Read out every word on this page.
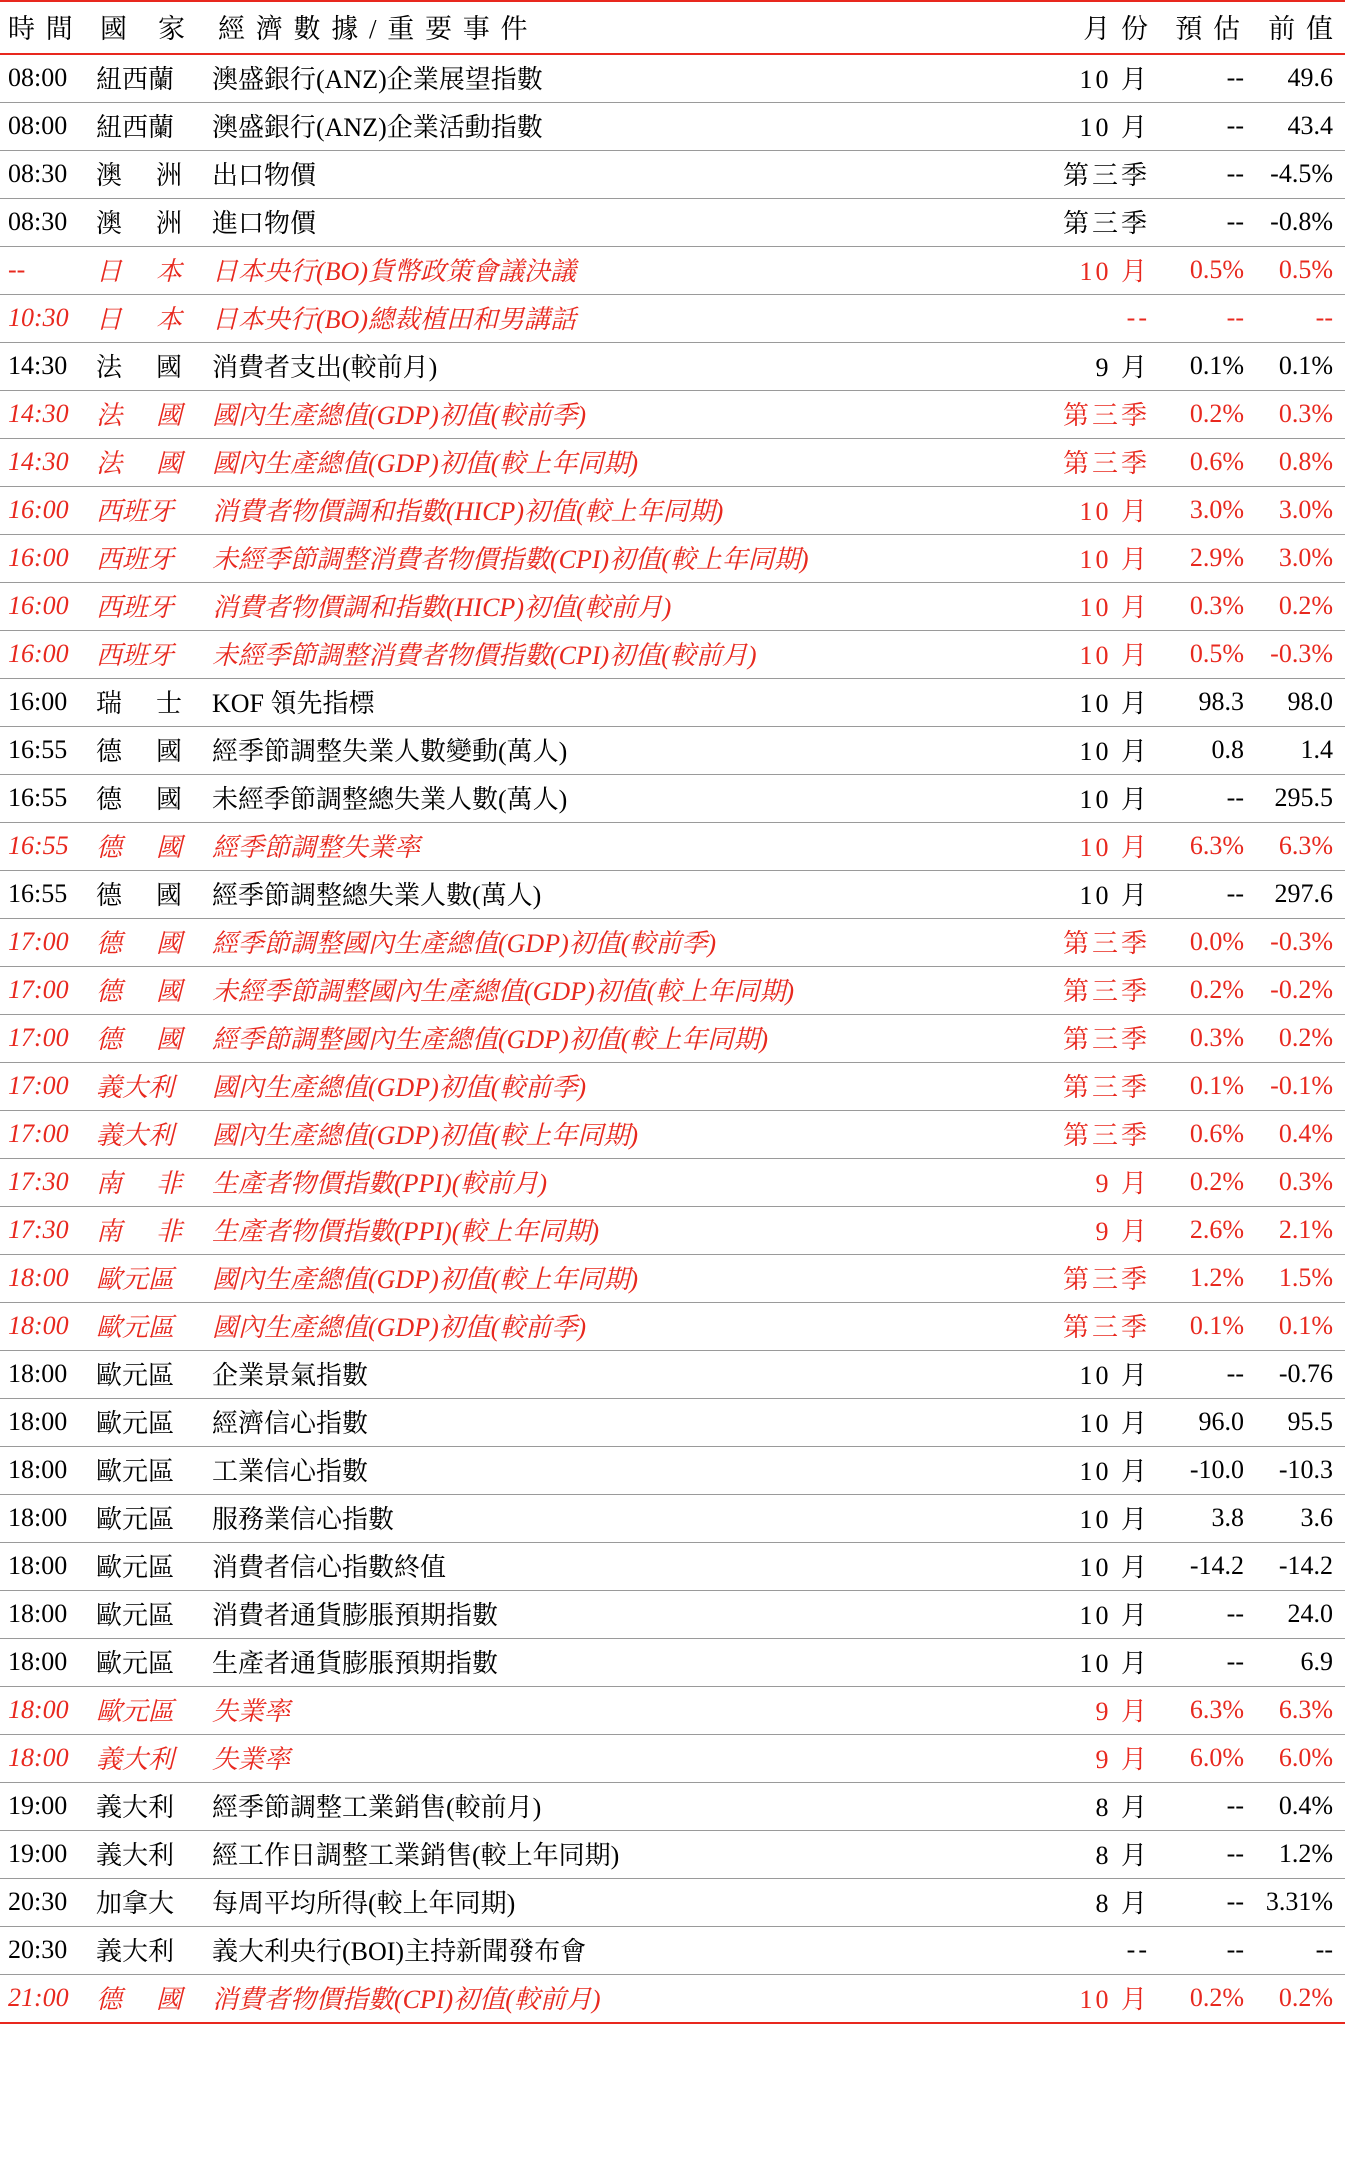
時 間	國　家	經 濟 數 據 / 重 要 事 件	月 份	預 估	前 值
08:00	紐西蘭	澳盛銀行(ANZ)企業展望指數	10 月	--	49.6
08:00	紐西蘭	澳盛銀行(ANZ)企業活動指數	10 月	--	43.4
08:30	澳　洲	出口物價	第三季	--	-4.5%
08:30	澳　洲	進口物價	第三季	--	-0.8%
--	日　本	日本央行(BO)貨幣政策會議決議	10 月	0.5%	0.5%
10:30	日　本	日本央行(BO)總裁植田和男講話	--	--	--
14:30	法　國	消費者支出(較前月)	9 月	0.1%	0.1%
14:30	法　國	國內生產總值(GDP)初值(較前季)	第三季	0.2%	0.3%
14:30	法　國	國內生產總值(GDP)初值(較上年同期)	第三季	0.6%	0.8%
16:00	西班牙	消費者物價調和指數(HICP)初值(較上年同期)	10 月	3.0%	3.0%
16:00	西班牙	未經季節調整消費者物價指數(CPI)初值(較上年同期)	10 月	2.9%	3.0%
16:00	西班牙	消費者物價調和指數(HICP)初值(較前月)	10 月	0.3%	0.2%
16:00	西班牙	未經季節調整消費者物價指數(CPI)初值(較前月)	10 月	0.5%	-0.3%
16:00	瑞　士	KOF 領先指標	10 月	98.3	98.0
16:55	德　國	經季節調整失業人數變動(萬人)	10 月	0.8	1.4
16:55	德　國	未經季節調整總失業人數(萬人)	10 月	--	295.5
16:55	德　國	經季節調整失業率	10 月	6.3%	6.3%
16:55	德　國	經季節調整總失業人數(萬人)	10 月	--	297.6
17:00	德　國	經季節調整國內生產總值(GDP)初值(較前季)	第三季	0.0%	-0.3%
17:00	德　國	未經季節調整國內生產總值(GDP)初值(較上年同期)	第三季	0.2%	-0.2%
17:00	德　國	經季節調整國內生產總值(GDP)初值(較上年同期)	第三季	0.3%	0.2%
17:00	義大利	國內生產總值(GDP)初值(較前季)	第三季	0.1%	-0.1%
17:00	義大利	國內生產總值(GDP)初值(較上年同期)	第三季	0.6%	0.4%
17:30	南　非	生產者物價指數(PPI)(較前月)	9 月	0.2%	0.3%
17:30	南　非	生產者物價指數(PPI)(較上年同期)	9 月	2.6%	2.1%
18:00	歐元區	國內生產總值(GDP)初值(較上年同期)	第三季	1.2%	1.5%
18:00	歐元區	國內生產總值(GDP)初值(較前季)	第三季	0.1%	0.1%
18:00	歐元區	企業景氣指數	10 月	--	-0.76
18:00	歐元區	經濟信心指數	10 月	96.0	95.5
18:00	歐元區	工業信心指數	10 月	-10.0	-10.3
18:00	歐元區	服務業信心指數	10 月	3.8	3.6
18:00	歐元區	消費者信心指數終值	10 月	-14.2	-14.2
18:00	歐元區	消費者通貨膨脹預期指數	10 月	--	24.0
18:00	歐元區	生產者通貨膨脹預期指數	10 月	--	6.9
18:00	歐元區	失業率	9 月	6.3%	6.3%
18:00	義大利	失業率	9 月	6.0%	6.0%
19:00	義大利	經季節調整工業銷售(較前月)	8 月	--	0.4%
19:00	義大利	經工作日調整工業銷售(較上年同期)	8 月	--	1.2%
20:30	加拿大	每周平均所得(較上年同期)	8 月	--	3.31%
20:30	義大利	義大利央行(BOI)主持新聞發布會	--	--	--
21:00	德　國	消費者物價指數(CPI)初值(較前月)	10 月	0.2%	0.2%
